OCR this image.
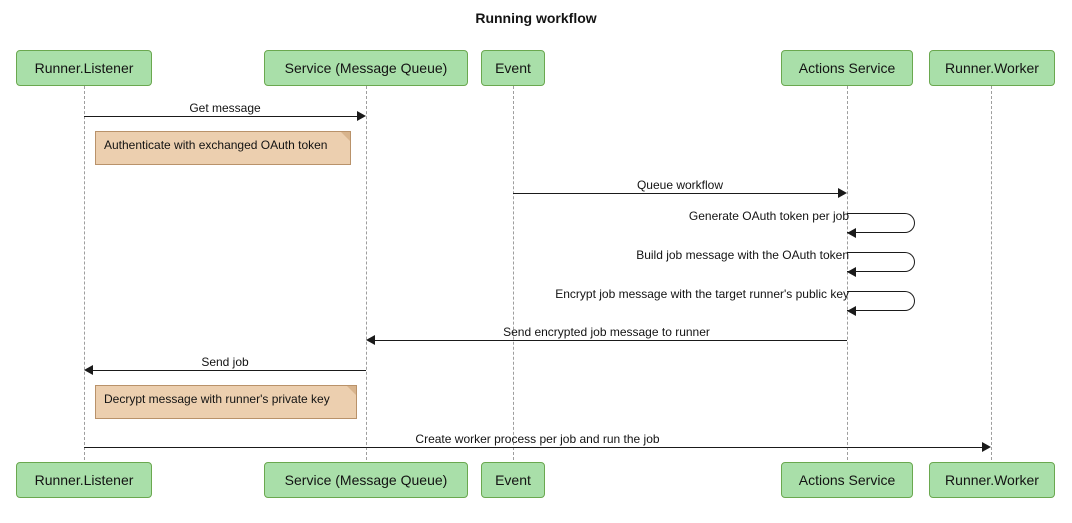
Running workflow
Runner.Listener	Service (Message Queue)	Event	Actions Service	Runner.Worker
Runner.Listener	Service (Message Queue)	Event	Actions Service	Runner.Worker
Get message
Queue workflow
Generate OAuth token per job
Build job message with the OAuth token
Encrypt job message with the target runner's public key
Send encrypted job message to runner
Send job
Create worker process per job and run the job
Authenticate with exchanged OAuth token
Decrypt message with runner's private key
